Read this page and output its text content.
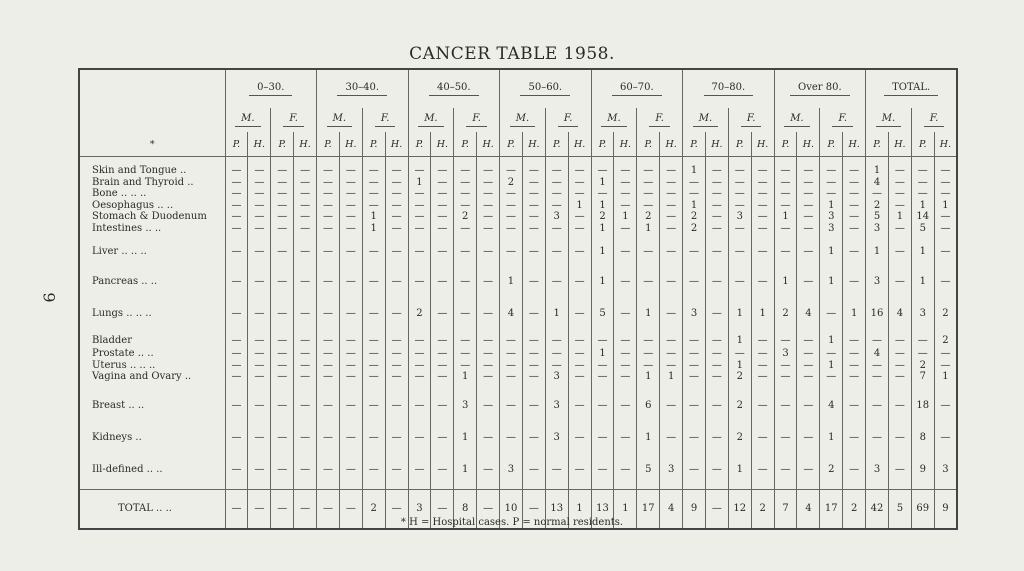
9
CANCER TABLE 1958.
	0–30.				30–40.				40–50.				50–60.				60–70.				70–80.				Over 80.				TOTAL.			
	M.		F.		M.		F.		M.		F.		M.		F.		M.		F.		M.		F.		M.		F.		M.		F.	
*	P.	H.	P.	H.	P.	H.	P.	H.	P.	H.	P.	H.	P.	H.	P.	H.	P.	H.	P.	H.	P.	H.	P.	H.	P.	H.	P.	H.	P.	H.	P.	H.

Skin and Tongue ..	—	—	—	—	—	—	—	—	—	—	—	—	—	—	—	—	—	—	—	—	1	—	—	—	—	—	—	—	1	—	—	—
Brain and Thyroid ..	—	—	—	—	—	—	—	—	1	—	—	—	2	—	—	—	1	—	—	—	—	—	—	—	—	—	—	—	4	—	—	—
Bone .. .. ..	—	—	—	—	—	—	—	—	—	—	—	—	—	—	—	—	—	—	—	—	—	—	—	—	—	—	—	—	—	—	—	—
Oesophagus .. ..	—	—	—	—	—	—	—	—	—	—	—	—	—	—	—	1	1	—	—	—	1	—	—	—	—	—	1	—	2	—	1	1
Stomach & Duodenum	—	—	—	—	—	—	1	—	—	—	2	—	—	—	3	—	2	1	2	—	2	—	3	—	1	—	3	—	5	1	14	—
Intestines .. ..	—	—	—	—	—	—	1	—	—	—	—	—	—	—	—	—	1	—	1	—	2	—	—	—	—	—	3	—	3	—	5	—
Liver .. .. ..	—	—	—	—	—	—	—	—	—	—	—	—	—	—	—	—	1	—	—	—	—	—	—	—	—	—	1	—	1	—	1	—
Pancreas .. ..	—	—	—	—	—	—	—	—	—	—	—	—	1	—	—	—	1	—	—	—	—	—	—	—	1	—	1	—	3	—	1	—
Lungs .. .. ..	—	—	—	—	—	—	—	—	2	—	—	—	4	—	1	—	5	—	1	—	3	—	1	1	2	4	—	1	16	4	3	2
Bladder	—	—	—	—	—	—	—	—	—	—	—	—	—	—	—	—	—	—	—	—	—	—	1	—	—	—	1	—	—	—	—	2
Prostate .. ..	—	—	—	—	—	—	—	—	—	—	—	—	—	—	—	—	1	—	—	—	—	—	—	—	3	—	—	—	4	—	—	—
Uterus .. .. ..	—	—	—	—	—	—	—	—	—	—	—	—	—	—	—	—	—	—	—	—	—	—	1	—	—	—	1	—	—	—	2	—
Vagina and Ovary ..	—	—	—	—	—	—	—	—	—	—	1	—	—	—	3	—	—	—	1	1	—	—	2	—	—	—	—	—	—	—	7	1
Breast .. ..	—	—	—	—	—	—	—	—	—	—	3	—	—	—	3	—	—	—	6	—	—	—	2	—	—	—	4	—	—	—	18	—
Kidneys ..	—	—	—	—	—	—	—	—	—	—	1	—	—	—	3	—	—	—	1	—	—	—	2	—	—	—	1	—	—	—	8	—
Ill-defined .. ..	—	—	—	—	—	—	—	—	—	—	1	—	3	—	—	—	—	—	5	3	—	—	1	—	—	—	2	—	3	—	9	3

TOTAL .. ..	—	—	—	—	—	—	2	—	3	—	8	—	10	—	13	1	13	1	17	4	9	—	12	2	7	4	17	2	42	5	69	9
* H = Hospital cases. P = normal residents.
